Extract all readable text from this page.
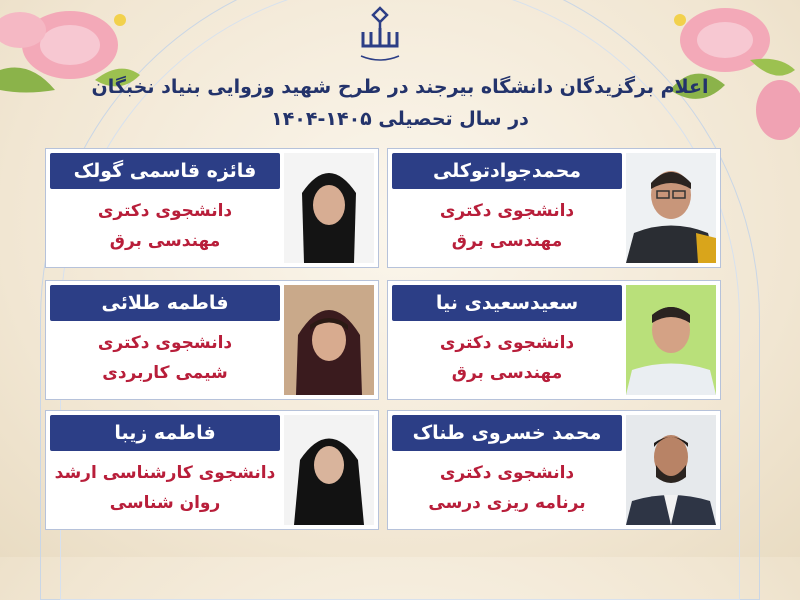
اعلام برگزیدگان دانشگاه بیرجند در طرح شهید وزوایی بنیاد نخبگان
در سال تحصیلی ۱۴۰۵-۱۴۰۴
محمدجوادتوکلی
دانشجوی دکتری
مهندسی برق
فائزه قاسمی گولک
دانشجوی دکتری
مهندسی برق
سعیدسعیدی نیا
دانشجوی دکتری
مهندسی برق
فاطمه طلائی
دانشجوی دکتری
شیمی کاربردی
محمد خسروی طناک
دانشجوی دکتری
برنامه ریزی درسی
فاطمه زیبا
دانشجوی کارشناسی ارشد
روان شناسی
